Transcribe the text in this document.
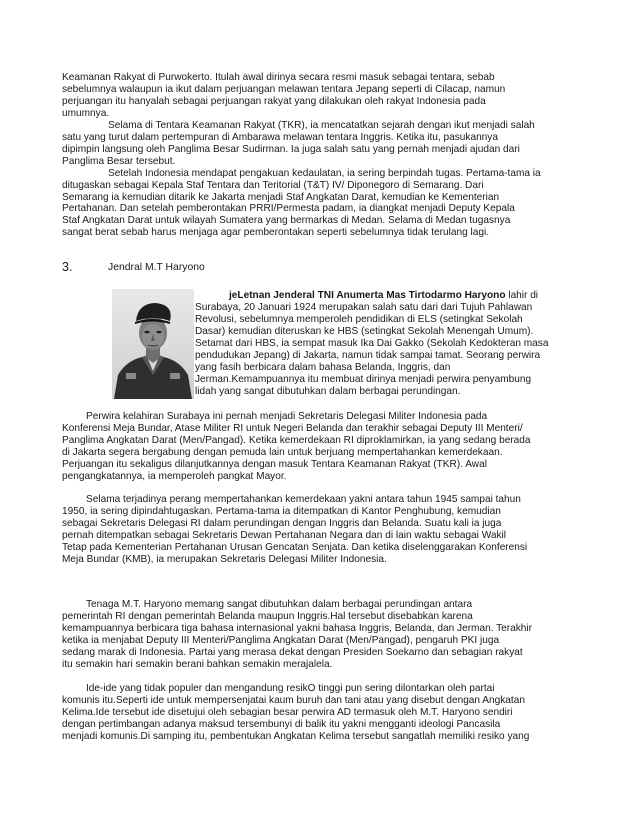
Keamanan Rakyat di Purwokerto. Itulah awal dirinya secara resmi masuk sebagai tentara, sebab
sebelumnya walaupun ia ikut dalam perjuangan melawan tentara Jepang seperti di Cilacap, namun
perjuangan itu hanyalah sebagai perjuangan rakyat yang dilakukan oleh rakyat Indonesia pada
umumnya.

Selama di Tentara Keamanan Rakyat (TKR), ia mencatatkan sejarah dengan ikut menjadi salah
satu yang turut dalam pertempuran di Ambarawa melawan tentara Inggris. Ketika itu, pasukannya
dipimpin langsung oleh Panglima Besar Sudirman. Ia juga salah satu yang pernah menjadi ajudan dari
Panglima Besar tersebut.

Setelah Indonesia mendapat pengakuan kedaulatan, ia sering berpindah tugas. Pertama-tama ia
ditugaskan sebagai Kepala Staf Tentara dan Teritorial (T&T) IV/ Diponegoro di Semarang. Dari
Semarang ia kemudian ditarik ke Jakarta menjadi Staf Angkatan Darat, kemudian ke Kementerian
Pertahanan. Dan setelah pemberontakan PRRI/Permesta padam, ia diangkat menjadi Deputy Kepala
Staf Angkatan Darat untuk wilayah Sumatera yang bermarkas di Medan. Selama di Medan tugasnya
sangat berat sebab harus menjaga agar pemberontakan seperti sebelumnya tidak terulang lagi.

3.	Jendral M.T Haryono

jeLetnan Jenderal TNI Anumerta Mas Tirtodarmo Haryono lahir di
Surabaya, 20 Januari 1924 merupakan salah satu dari dari Tujuh Pahlawan
Revolusi, sebelumnya memperoleh pendidikan di ELS (setingkat Sekolah
Dasar) kemudian diteruskan ke HBS (setingkat Sekolah Menengah Umum).
Setamat dari HBS, ia sempat masuk Ika Dai Gakko (Sekolah Kedokteran masa
pendudukan Jepang) di Jakarta, namun tidak sampai tamat. Seorang perwira
yang fasih berbicara dalam bahasa Belanda, Inggris, dan
Jerman.Kemampuannya itu membuat dirinya menjadi perwira penyambung
lidah yang sangat dibutuhkan dalam berbagai perundingan.

Perwira kelahiran Surabaya ini pernah menjadi Sekretaris Delegasi Militer Indonesia pada
Konferensi Meja Bundar, Atase Militer RI untuk Negeri Belanda dan terakhir sebagai Deputy III Menteri/
Panglima Angkatan Darat (Men/Pangad). Ketika kemerdekaan RI diproklamirkan, ia yang sedang berada
di Jakarta segera bergabung dengan pemuda lain untuk berjuang mempertahankan kemerdekaan.
Perjuangan itu sekaligus dilanjutkannya dengan masuk Tentara Keamanan Rakyat (TKR). Awal
pengangkatannya, ia memperoleh pangkat Mayor.
Selama terjadinya perang mempertahankan kemerdekaan yakni antara tahun 1945 sampai tahun
1950, ia sering dipindahtugaskan. Pertama-tama ia ditempatkan di Kantor Penghubung, kemudian
sebagai Sekretaris Delegasi RI dalam perundingan dengan Inggris dan Belanda. Suatu kali ia juga
pernah ditempatkan sebagai Sekretaris Dewan Pertahanan Negara dan di lain waktu sebagai Wakil
Tetap pada Kementerian Pertahanan Urusan Gencatan Senjata. Dan ketika diselenggarakan Konferensi
Meja Bundar (KMB), ia merupakan Sekretaris Delegasi Militer Indonesia.
Tenaga M.T. Haryono memang sangat dibutuhkan dalam berbagai perundingan antara
pemerintah RI dengan pemerintah Belanda maupun Inggris.Hal tersebut disebabkan karena
kemampuannya berbicara tiga bahasa internasional yakni bahasa Inggris, Belanda, dan Jerman. Terakhir
ketika ia menjabat Deputy III Menteri/Panglima Angkatan Darat (Men/Pangad), pengaruh PKI juga
sedang marak di Indonesia. Partai yang merasa dekat dengan Presiden Soekarno dan sebagian rakyat
itu semakin hari semakin berani bahkan semakin merajalela.
Ide-ide yang tidak populer dan mengandung resikO tinggi pun sering dilontarkan oleh partai
komunis itu.Seperti ide untuk mempersenjatai kaum buruh dan tani atau yang disebut dengan Angkatan
Kelima.Ide tersebut ide disetujui oleh sebagian besar perwira AD termasuk oleh M.T. Haryono sendiri
dengan pertimbangan adanya maksud tersembunyi di balik itu yakni mengganti ideologi Pancasila
menjadi komunis.Di samping itu, pembentukan Angkatan Kelima tersebut sangatlah memiliki resiko yang
